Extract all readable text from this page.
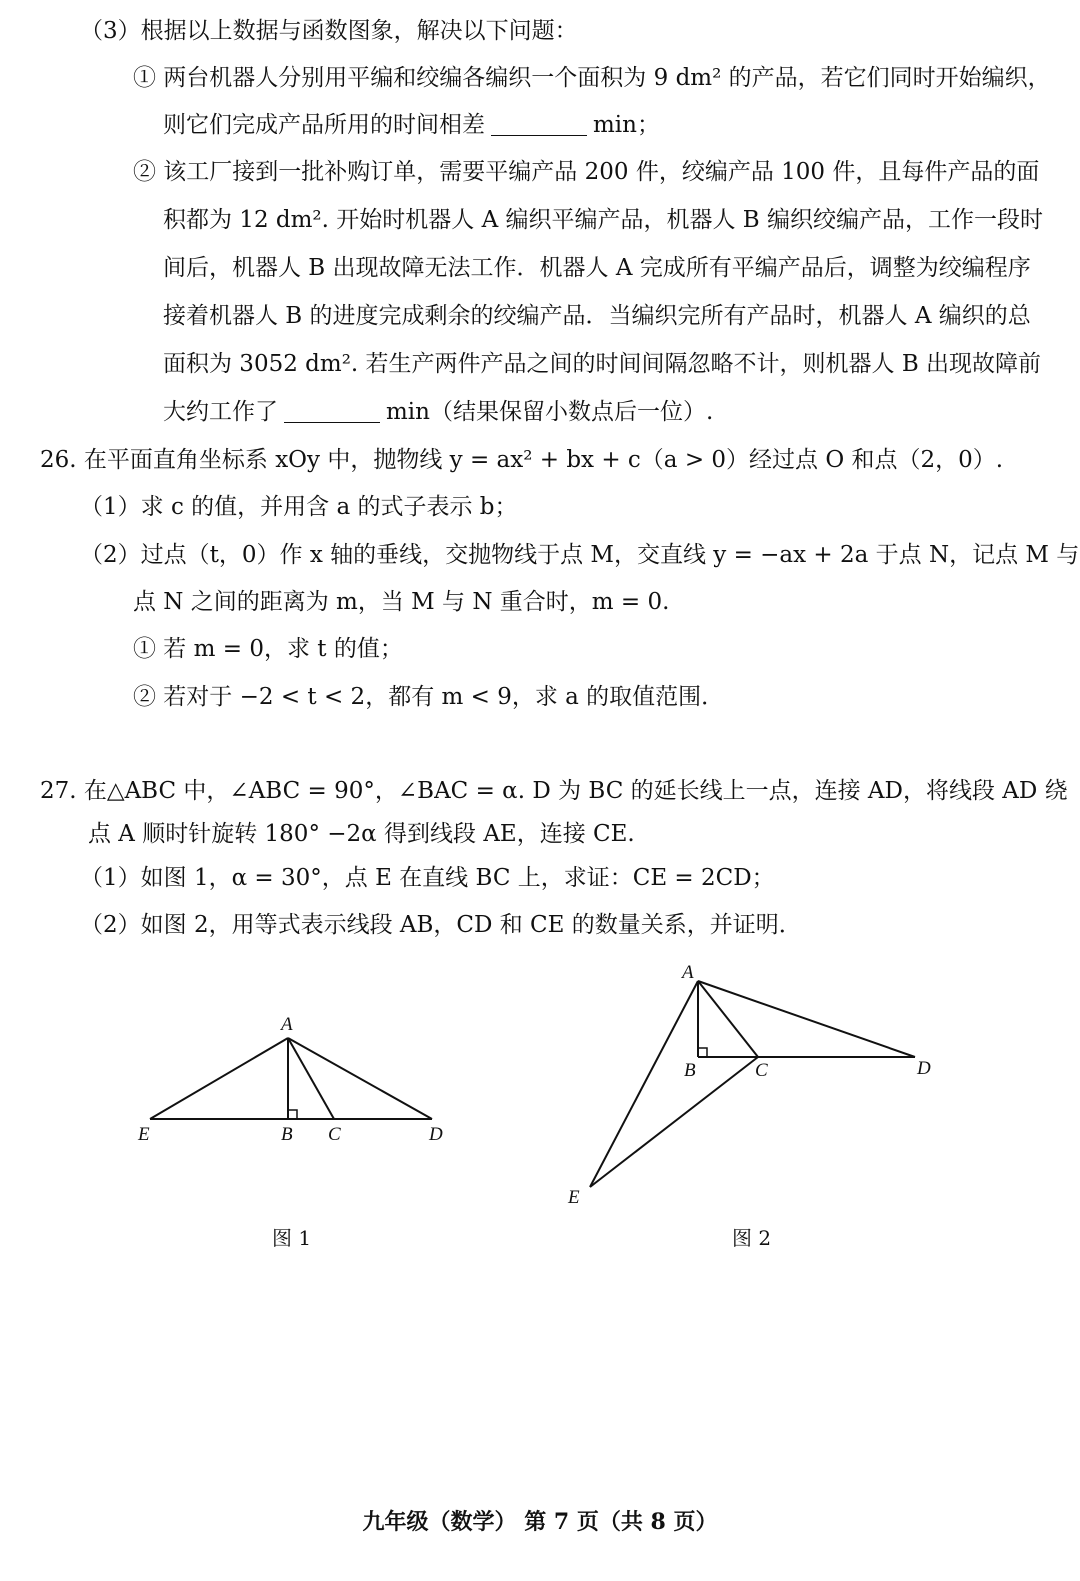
（3）根据以上数据与函数图象，解决以下问题：
① 两台机器人分别用平编和绞编各编织一个面积为 9 dm² 的产品，若它们同时开始编织，
则它们完成产品所用的时间相差	min；
② 该工厂接到一批补购订单，需要平编产品 200 件，绞编产品 100 件，且每件产品的面
积都为 12 dm². 开始时机器人 A 编织平编产品，机器人 B 编织绞编产品，工作一段时
间后，机器人 B 出现故障无法工作．机器人 A 完成所有平编产品后，调整为绞编程序
接着机器人 B 的进度完成剩余的绞编产品．当编织完所有产品时，机器人 A 编织的总
面积为 3052 dm². 若生产两件产品之间的时间间隔忽略不计，则机器人 B 出现故障前
大约工作了	min（结果保留小数点后一位）.
26. 在平面直角坐标系 xOy 中，抛物线 y = ax² + bx + c（a > 0）经过点 O 和点（2，0）.
（1）求 c 的值，并用含 a 的式子表示 b；
（2）过点（t，0）作 x 轴的垂线，交抛物线于点 M，交直线 y = −ax + 2a 于点 N，记点 M 与
点 N 之间的距离为 m，当 M 与 N 重合时，m = 0.
① 若 m = 0，求 t 的值；
② 若对于 −2 < t < 2，都有 m < 9，求 a 的取值范围．
27. 在△ABC 中，∠ABC = 90°，∠BAC = α. D 为 BC 的延长线上一点，连接 AD，将线段 AD 绕
点 A 顺时针旋转 180° −2α 得到线段 AE，连接 CE.
（1）如图 1，α = 30°，点 E 在直线 BC 上，求证：CE = 2CD；
（2）如图 2，用等式表示线段 AB，CD 和 CE 的数量关系，并证明．
A
E	B C	D
图 1
A
B	C	D
E
图 2
九年级（数学） 第 7 页（共 8 页）
